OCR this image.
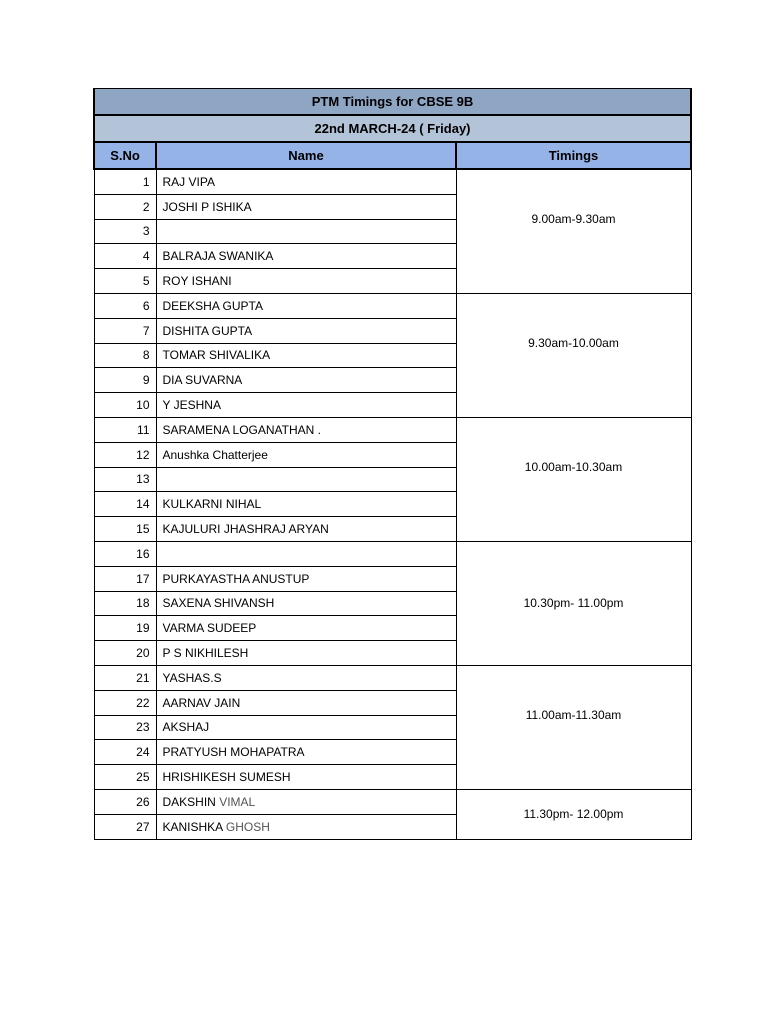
PTM Timings for CBSE 9B		
22nd MARCH-24 ( Friday)		
S.No	Name	Timings
1	RAJ VIPA	9.00am-9.30am

2	JOSHI P ISHIKA	
3		
4	BALRAJA SWANIKA	
5	ROY ISHANI	
6	DEEKSHA GUPTA	9.30am-10.00am

7	DISHITA GUPTA	
8	TOMAR SHIVALIKA	
9	DIA SUVARNA	
10	Y JESHNA	
11	SARAMENA LOGANATHAN .	10.00am-10.30am

12	Anushka Chatterjee	
13		
14	KULKARNI NIHAL	
15	KAJULURI JHASHRAJ ARYAN	
16		10.30pm- 11.00pm

17	PURKAYASTHA ANUSTUP	
18	SAXENA SHIVANSH	
19	VARMA SUDEEP	
20	P S NIKHILESH	
21	YASHAS.S	11.00am-11.30am

22	AARNAV JAIN	
23	AKSHAJ	
24	PRATYUSH MOHAPATRA	
25	HRISHIKESH SUMESH	
26	DAKSHIN VIMAL	11.30pm- 12.00pm

27	KANISHKA GHOSH	
